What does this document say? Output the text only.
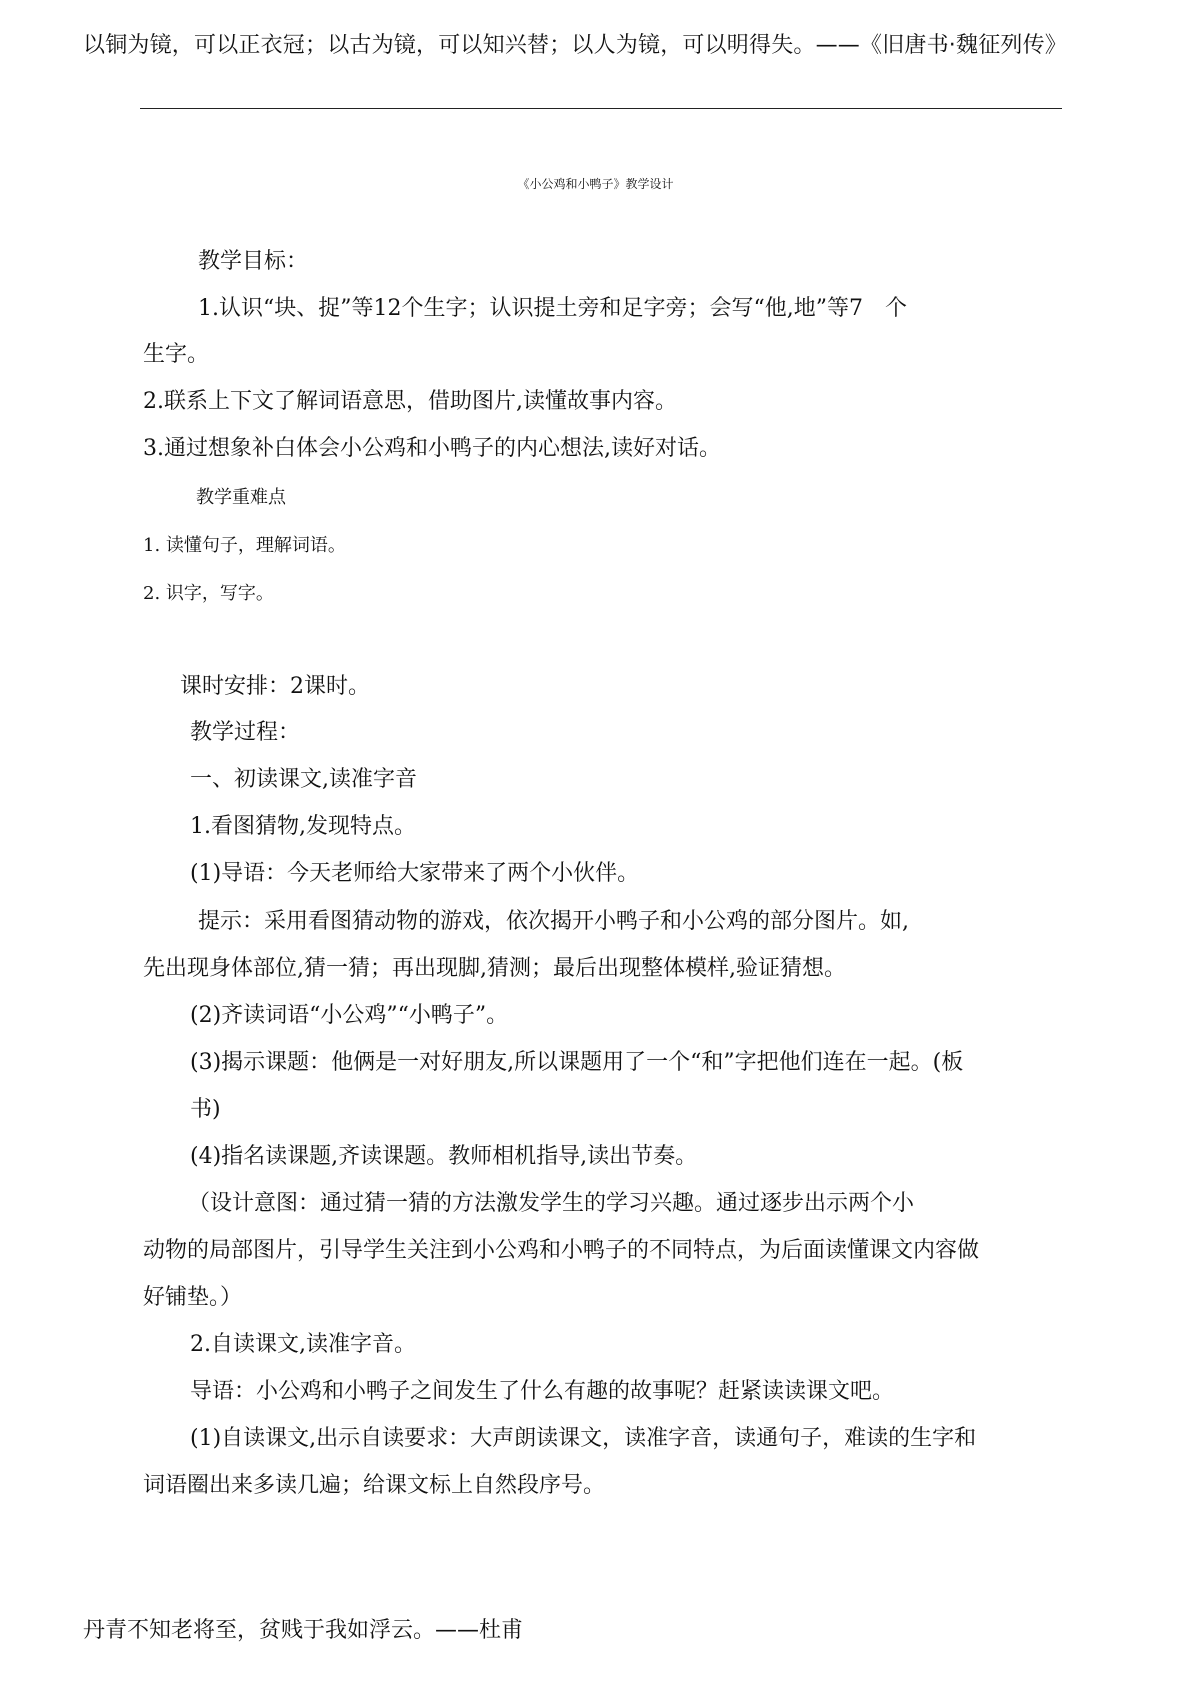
以铜为镜，可以正衣冠；以古为镜，可以知兴替；以人为镜，可以明得失。——《旧唐书·魏征列传》
《小公鸡和小鸭子》教学设计
教学目标：
1.认识“块、捉”等12个生字；认识提土旁和足字旁；会写“他,地”等7　个
生字。
2.联系上下文了解词语意思，借助图片,读懂故事内容。
3.通过想象补白体会小公鸡和小鸭子的内心想法,读好对话。
教学重难点
1. 读懂句子，理解词语。
2. 识字，写字。
课时安排：2课时。
教学过程：
一、初读课文,读准字音
1.看图猜物,发现特点。
(1)导语：今天老师给大家带来了两个小伙伴。
提示：采用看图猜动物的游戏，依次揭开小鸭子和小公鸡的部分图片。如,
先出现身体部位,猜一猜；再出现脚,猜测；最后出现整体模样,验证猜想。
(2)齐读词语“小公鸡”“小鸭子”。
(3)揭示课题：他俩是一对好朋友,所以课题用了一个“和”字把他们连在一起。(板
书)
(4)指名读课题,齐读课题。教师相机指导,读出节奏。
（设计意图：通过猜一猜的方法激发学生的学习兴趣。通过逐步出示两个小
动物的局部图片，引导学生关注到小公鸡和小鸭子的不同特点，为后面读懂课文内容做
好铺垫。）
2.自读课文,读准字音。
导语：小公鸡和小鸭子之间发生了什么有趣的故事呢？赶紧读读课文吧。
(1)自读课文,出示自读要求：大声朗读课文，读准字音，读通句子，难读的生字和
词语圈出来多读几遍；给课文标上自然段序号。
丹青不知老将至，贫贱于我如浮云。——杜甫
